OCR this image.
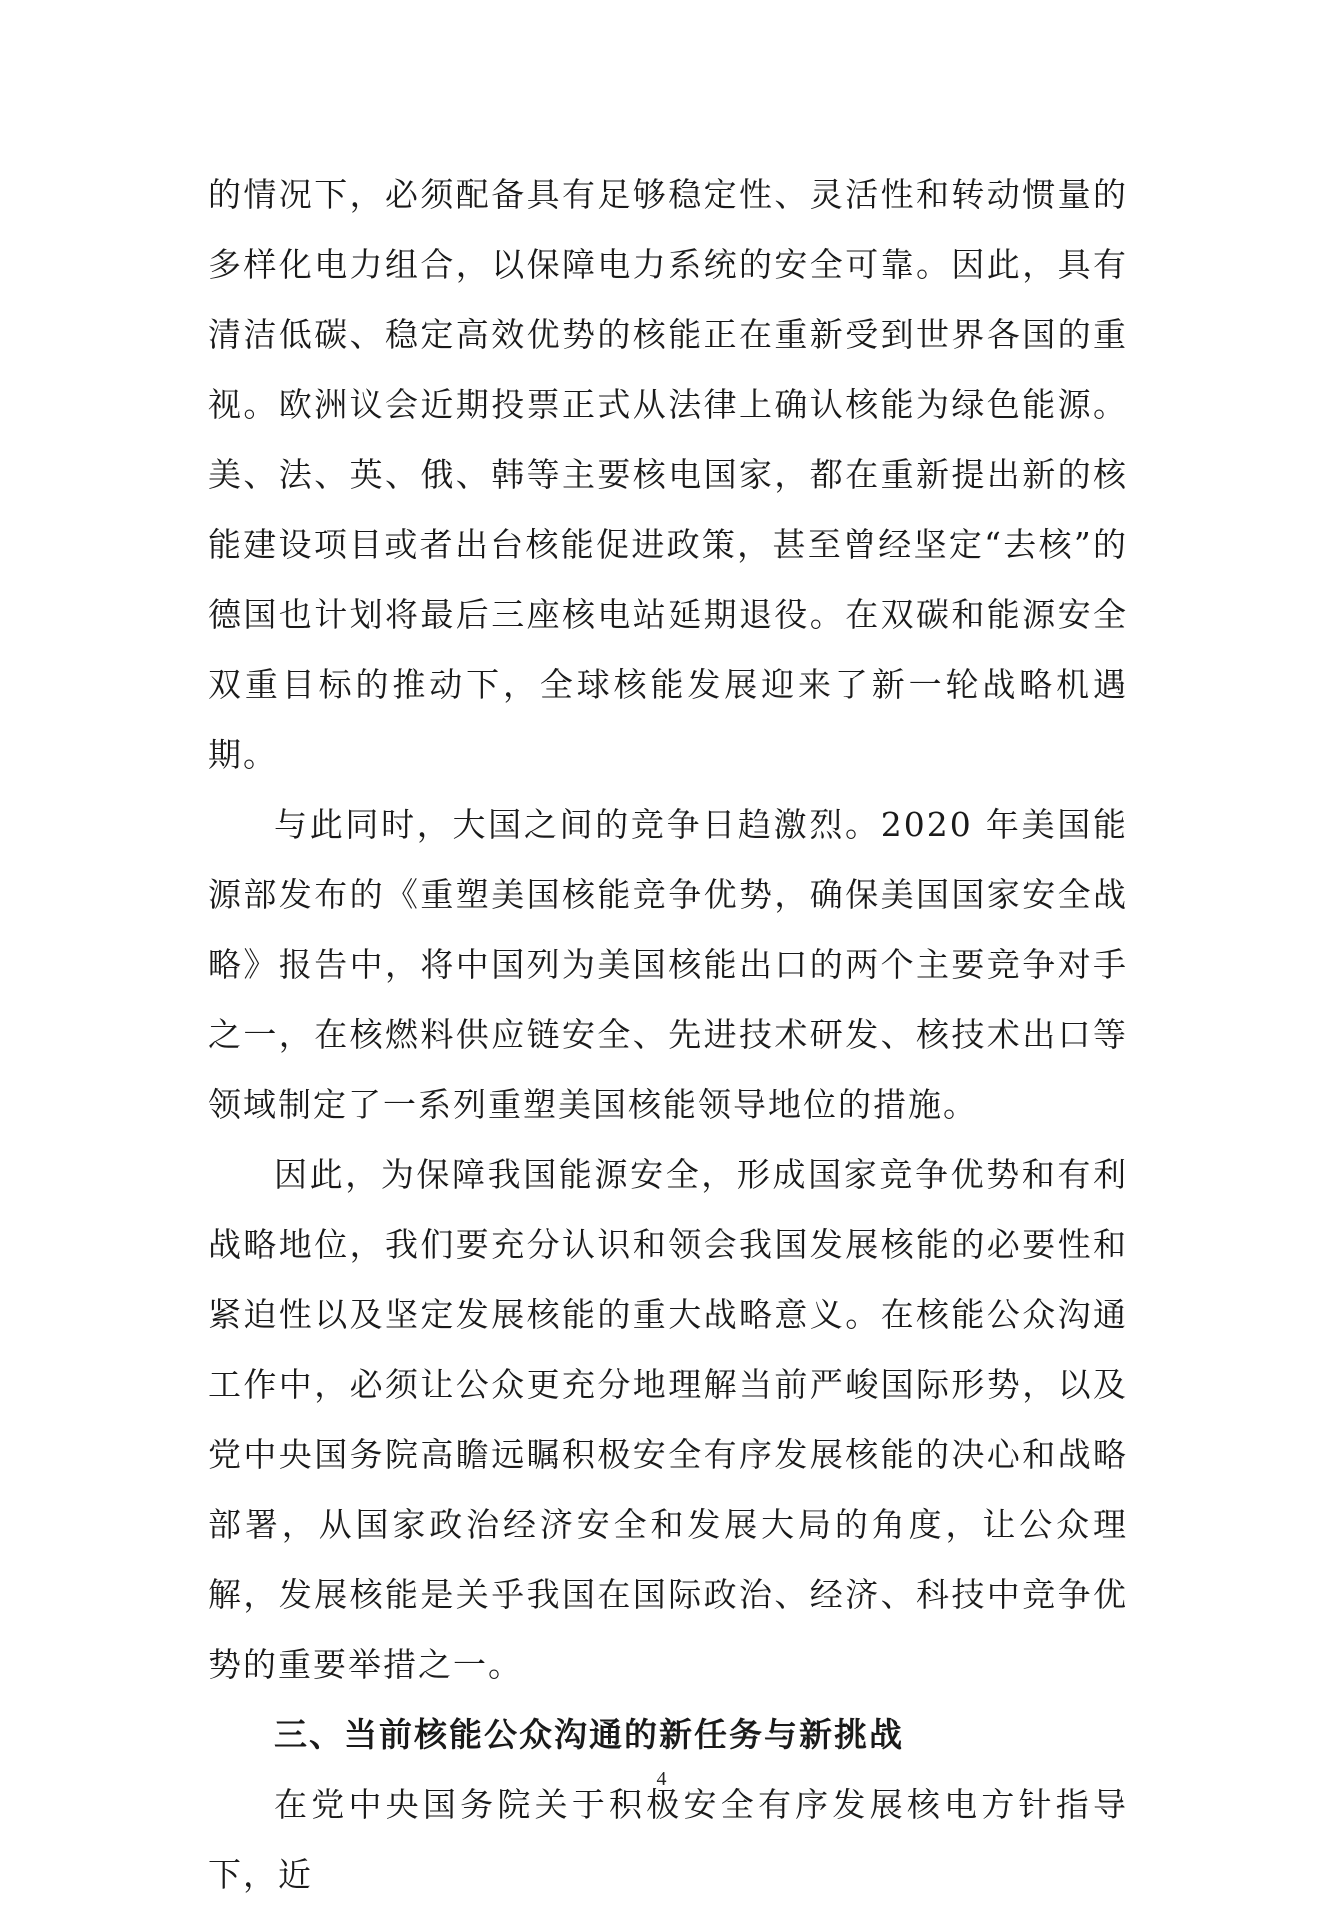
的情况下，必须配备具有足够稳定性、灵活性和转动惯量的多样化电力组合，以保障电力系统的安全可靠。因此，具有清洁低碳、稳定高效优势的核能正在重新受到世界各国的重视。欧洲议会近期投票正式从法律上确认核能为绿色能源。美、法、英、俄、韩等主要核电国家，都在重新提出新的核能建设项目或者出台核能促进政策，甚至曾经坚定“去核”的德国也计划将最后三座核电站延期退役。在双碳和能源安全双重目标的推动下，全球核能发展迎来了新一轮战略机遇期。

与此同时，大国之间的竞争日趋激烈。2020 年美国能源部发布的《重塑美国核能竞争优势，确保美国国家安全战略》报告中，将中国列为美国核能出口的两个主要竞争对手之一，在核燃料供应链安全、先进技术研发、核技术出口等领域制定了一系列重塑美国核能领导地位的措施。

因此，为保障我国能源安全，形成国家竞争优势和有利战略地位，我们要充分认识和领会我国发展核能的必要性和紧迫性以及坚定发展核能的重大战略意义。在核能公众沟通工作中，必须让公众更充分地理解当前严峻国际形势，以及党中央国务院高瞻远瞩积极安全有序发展核能的决心和战略部署，从国家政治经济安全和发展大局的角度，让公众理解，发展核能是关乎我国在国际政治、经济、科技中竞争优势的重要举措之一。

三、当前核能公众沟通的新任务与新挑战

在党中央国务院关于积极安全有序发展核电方针指导下，近

4
